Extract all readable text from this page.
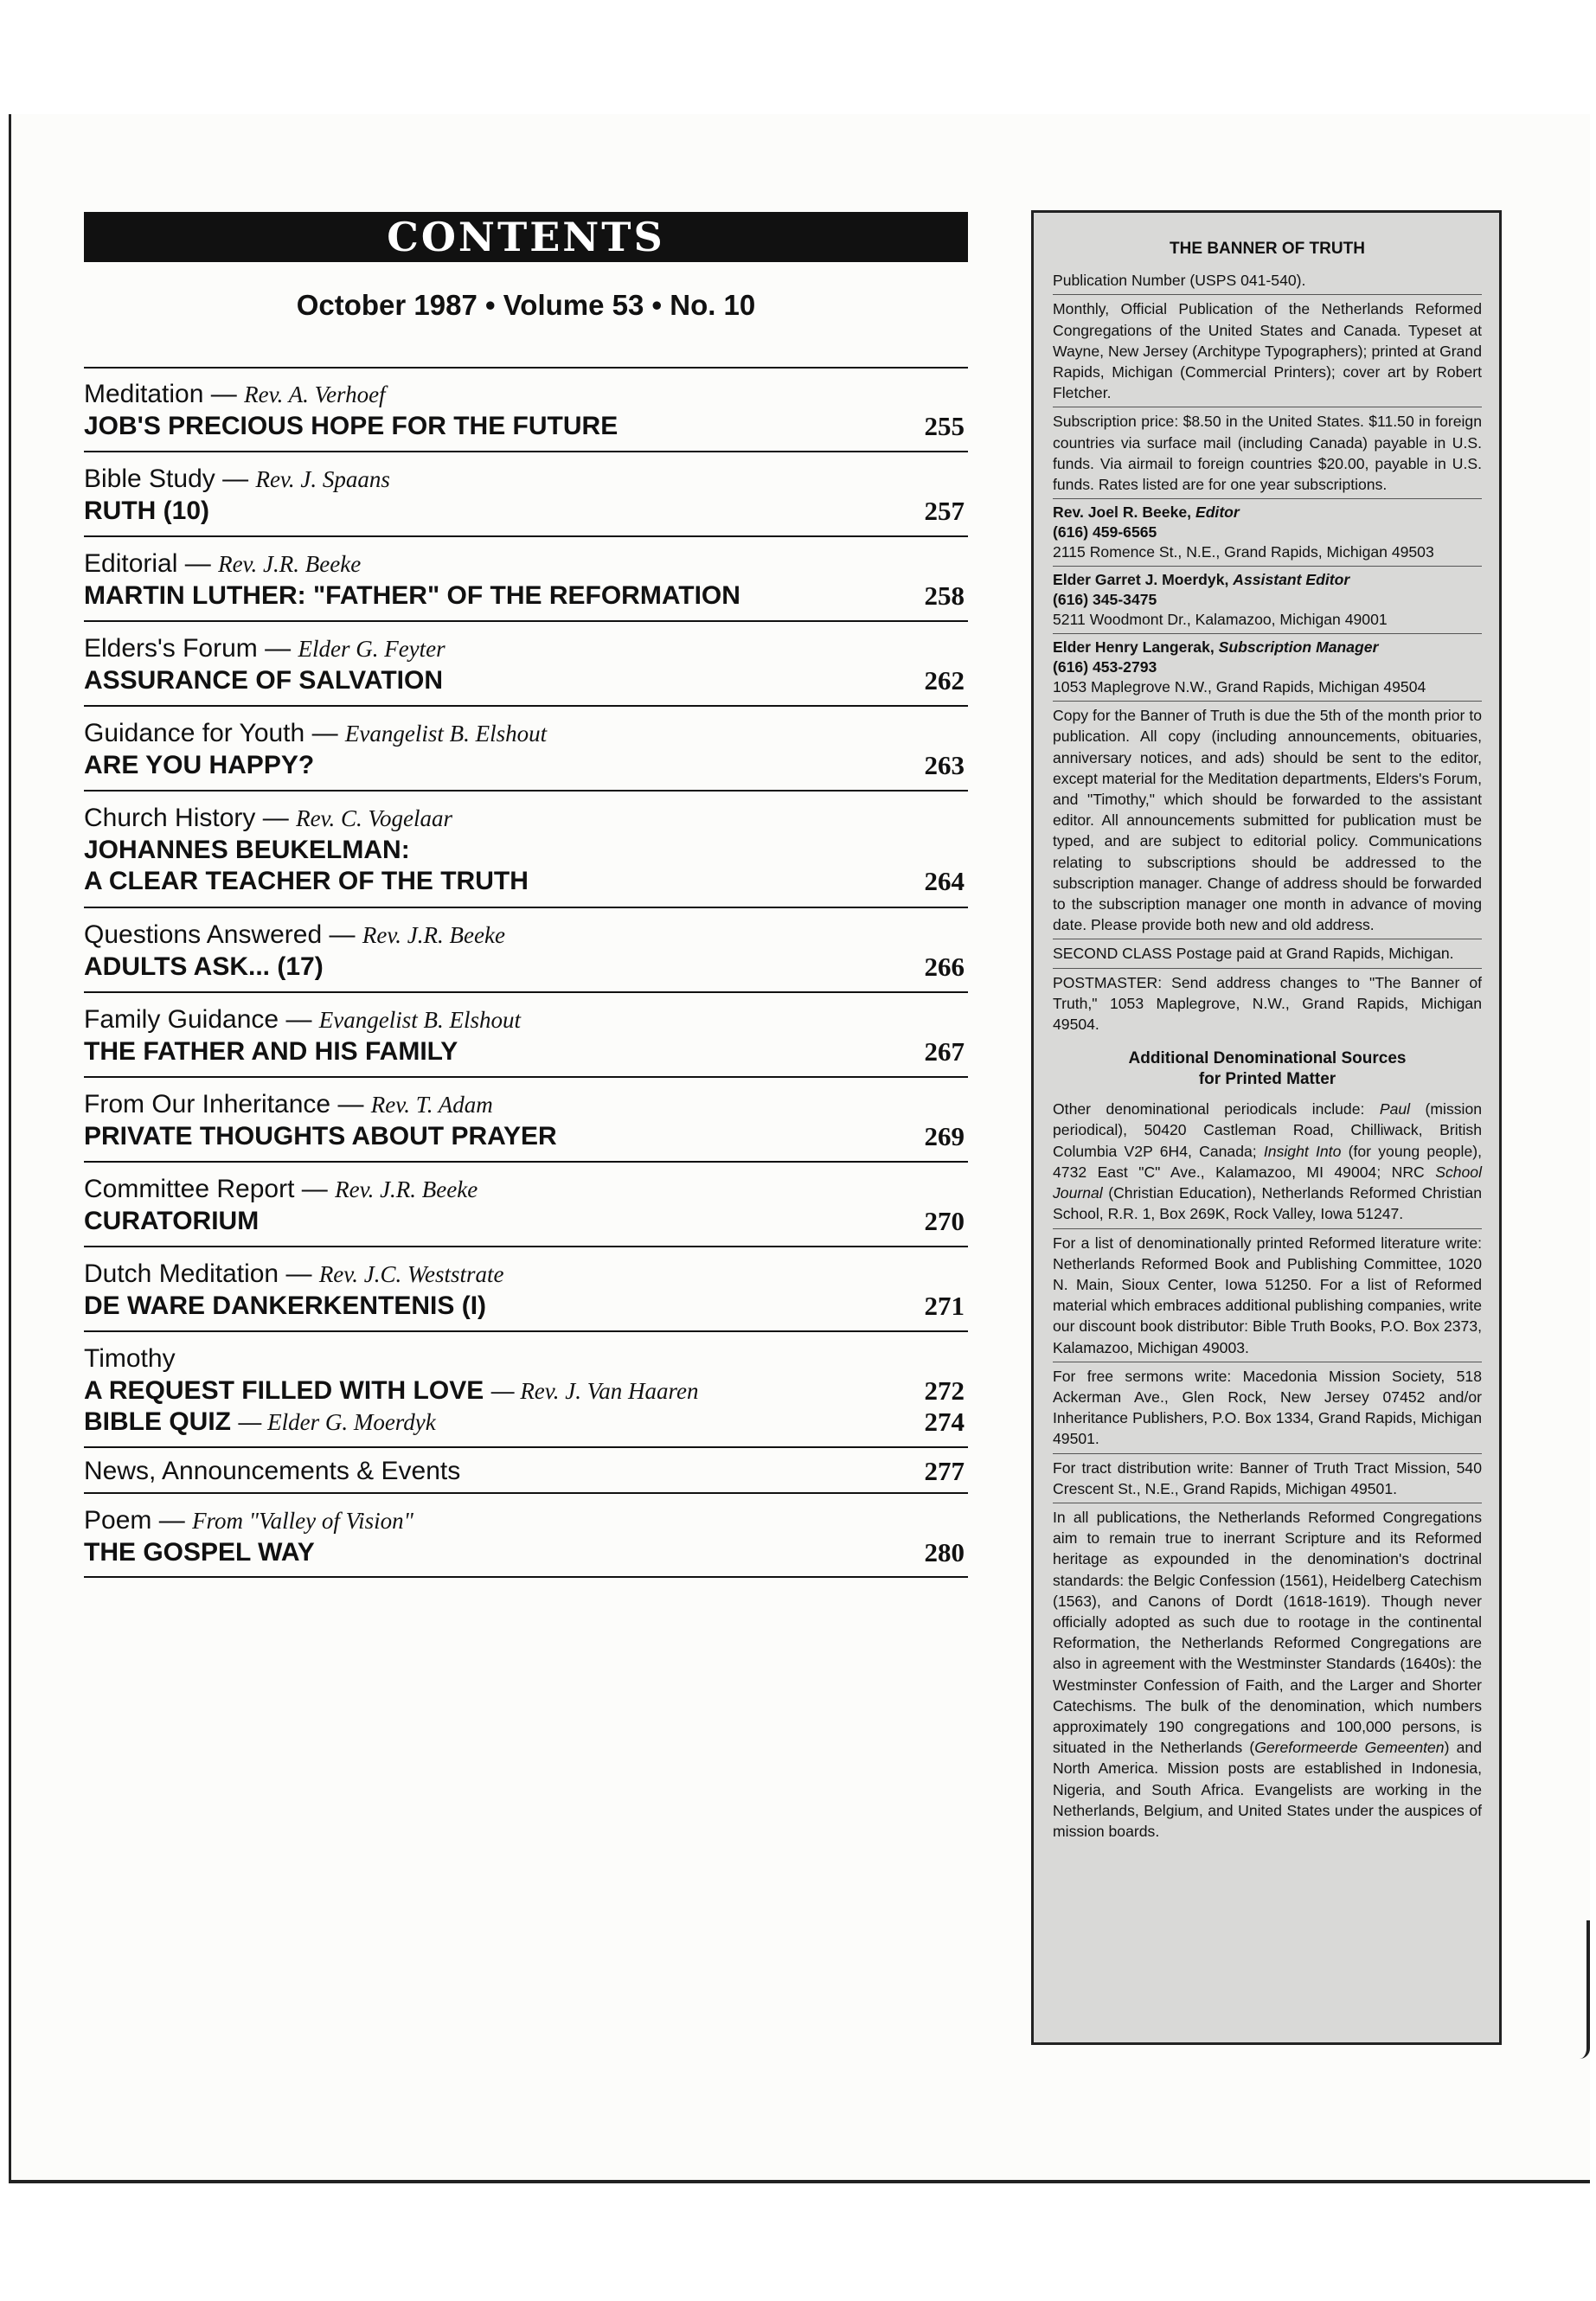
CONTENTS
October 1987 • Volume 53 • No. 10
Meditation — Rev. A. Verhoef
JOB'S PRECIOUS HOPE FOR THE FUTURE	255
Bible Study — Rev. J. Spaans
RUTH (10)	257
Editorial — Rev. J.R. Beeke
MARTIN LUTHER: "FATHER" OF THE REFORMATION	258
Elders's Forum — Elder G. Feyter
ASSURANCE OF SALVATION	262
Guidance for Youth — Evangelist B. Elshout
ARE YOU HAPPY?	263
Church History — Rev. C. Vogelaar
JOHANNES BEUKELMAN:
A CLEAR TEACHER OF THE TRUTH	264
Questions Answered — Rev. J.R. Beeke
ADULTS ASK... (17)	266
Family Guidance — Evangelist B. Elshout
THE FATHER AND HIS FAMILY	267
From Our Inheritance — Rev. T. Adam
PRIVATE THOUGHTS ABOUT PRAYER	269
Committee Report — Rev. J.R. Beeke
CURATORIUM	270
Dutch Meditation — Rev. J.C. Weststrate
DE WARE DANKERKENTENIS (I)	271
Timothy
A REQUEST FILLED WITH LOVE — Rev. J. Van Haaren	272
BIBLE QUIZ — Elder G. Moerdyk	274
News, Announcements & Events	277
Poem — From "Valley of Vision"
THE GOSPEL WAY	280
THE BANNER OF TRUTH

Publication Number (USPS 041-540).

Monthly, Official Publication of the Netherlands Reformed Congregations of the United States and Canada. Typeset at Wayne, New Jersey (Architype Typographers); printed at Grand Rapids, Michigan (Commercial Printers); cover art by Robert Fletcher.

Subscription price: $8.50 in the United States. $11.50 in foreign countries via surface mail (including Canada) payable in U.S. funds. Via airmail to foreign countries $20.00, payable in U.S. funds. Rates listed are for one year subscriptions.

Rev. Joel R. Beeke, Editor
(616) 459-6565
2115 Romence St., N.E., Grand Rapids, Michigan 49503
Elder Garret J. Moerdyk, Assistant Editor
(616) 345-3475
5211 Woodmont Dr., Kalamazoo, Michigan 49001
Elder Henry Langerak, Subscription Manager
(616) 453-2793
1053 Maplegrove N.W., Grand Rapids, Michigan 49504

Copy for the Banner of Truth is due the 5th of the month prior to publication. All copy (including announcements, obituaries, anniversary notices, and ads) should be sent to the editor, except material for the Meditation departments, Elders's Forum, and "Timothy," which should be forwarded to the assistant editor. All announcements submitted for publication must be typed, and are subject to editorial policy. Communications relating to subscriptions should be addressed to the subscription manager. Change of address should be forwarded to the subscription manager one month in advance of moving date. Please provide both new and old address.

SECOND CLASS Postage paid at Grand Rapids, Michigan.

POSTMASTER: Send address changes to "The Banner of Truth," 1053 Maplegrove, N.W., Grand Rapids, Michigan 49504.

Additional Denominational Sources
for Printed Matter

Other denominational periodicals include: Paul (mission periodical), 50420 Castleman Road, Chilliwack, British Columbia V2P 6H4, Canada; Insight Into (for young people), 4732 East "C" Ave., Kalamazoo, MI 49004; NRC School Journal (Christian Education), Netherlands Reformed Christian School, R.R. 1, Box 269K, Rock Valley, Iowa 51247.

For a list of denominationally printed Reformed literature write: Netherlands Reformed Book and Publishing Committee, 1020 N. Main, Sioux Center, Iowa 51250. For a list of Reformed material which embraces additional publishing companies, write our discount book distributor: Bible Truth Books, P.O. Box 2373, Kalamazoo, Michigan 49003.

For free sermons write: Macedonia Mission Society, 518 Ackerman Ave., Glen Rock, New Jersey 07452 and/or Inheritance Publishers, P.O. Box 1334, Grand Rapids, Michigan 49501.

For tract distribution write: Banner of Truth Tract Mission, 540 Crescent St., N.E., Grand Rapids, Michigan 49501.

In all publications, the Netherlands Reformed Congregations aim to remain true to inerrant Scripture and its Reformed heritage as expounded in the denomination's doctrinal standards: the Belgic Confession (1561), Heidelberg Catechism (1563), and Canons of Dordt (1618-1619). Though never officially adopted as such due to rootage in the continental Reformation, the Netherlands Reformed Congregations are also in agreement with the Westminster Standards (1640s): the Westminster Confession of Faith, and the Larger and Shorter Catechisms. The bulk of the denomination, which numbers approximately 190 congregations and 100,000 persons, is situated in the Netherlands (Gereformeerde Gemeenten) and North America. Mission posts are established in Indonesia, Nigeria, and South Africa. Evangelists are working in the Netherlands, Belgium, and United States under the auspices of mission boards.
